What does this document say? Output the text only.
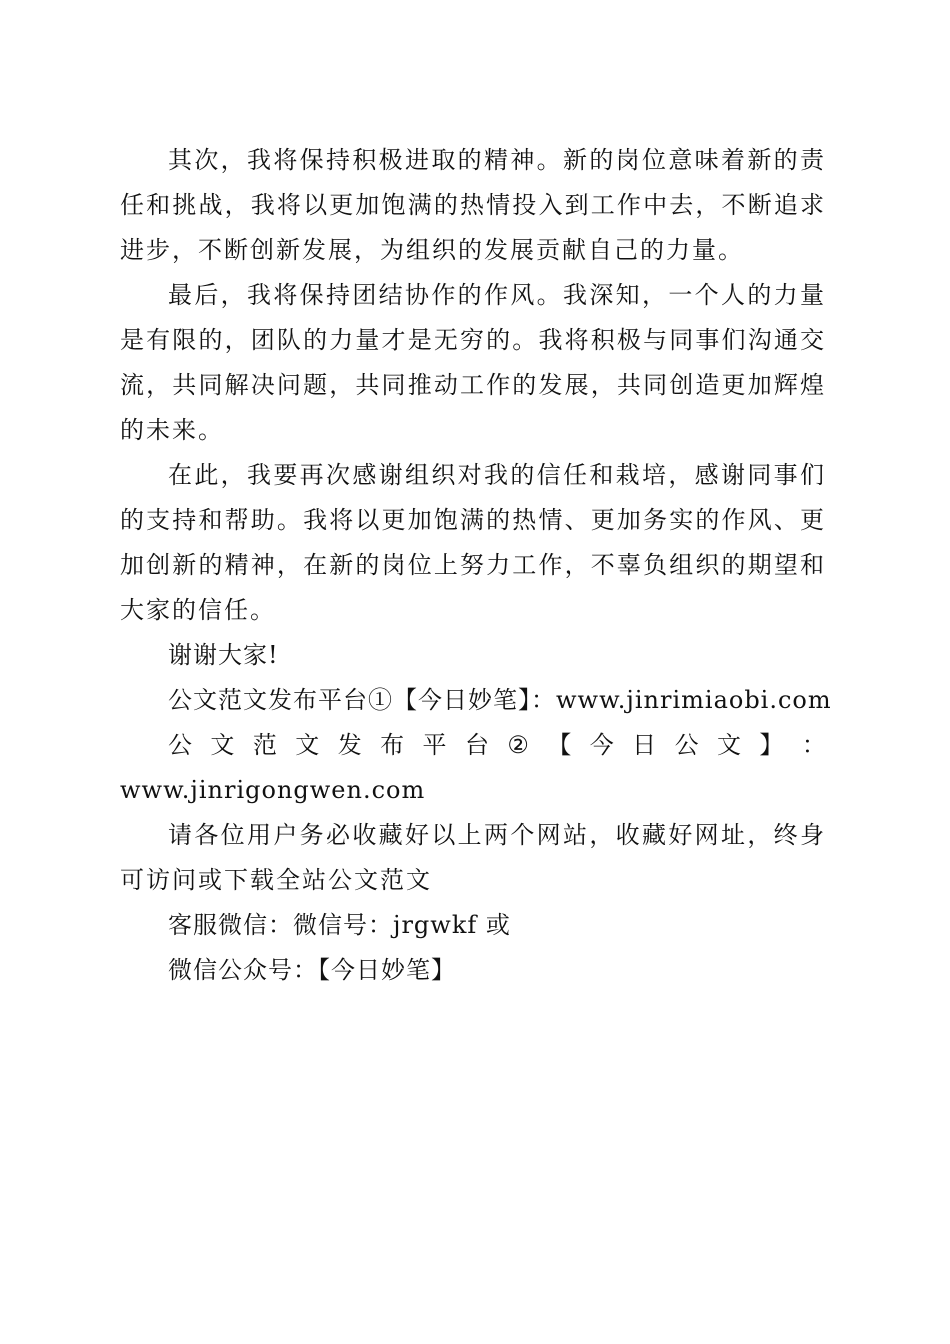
其次，我将保持积极进取的精神。新的岗位意味着新的责任和挑战，我将以更加饱满的热情投入到工作中去，不断追求进步，不断创新发展，为组织的发展贡献自己的力量。

最后，我将保持团结协作的作风。我深知，一个人的力量是有限的，团队的力量才是无穷的。我将积极与同事们沟通交流，共同解决问题，共同推动工作的发展，共同创造更加辉煌的未来。

在此，我要再次感谢组织对我的信任和栽培，感谢同事们的支持和帮助。我将以更加饱满的热情、更加务实的作风、更加创新的精神，在新的岗位上努力工作，不辜负组织的期望和大家的信任。

谢谢大家!

公文范文发布平台①【今日妙笔】：www.jinrimiaobi.com

公 文 范 文 发 布 平 台 ② 【 今 日 公 文 】 ：

www.jinrigongwen.com

请各位用户务必收藏好以上两个网站，收藏好网址，终身可访问或下载全站公文范文

客服微信：微信号：jrgwkf 或

微信公众号：【今日妙笔】
